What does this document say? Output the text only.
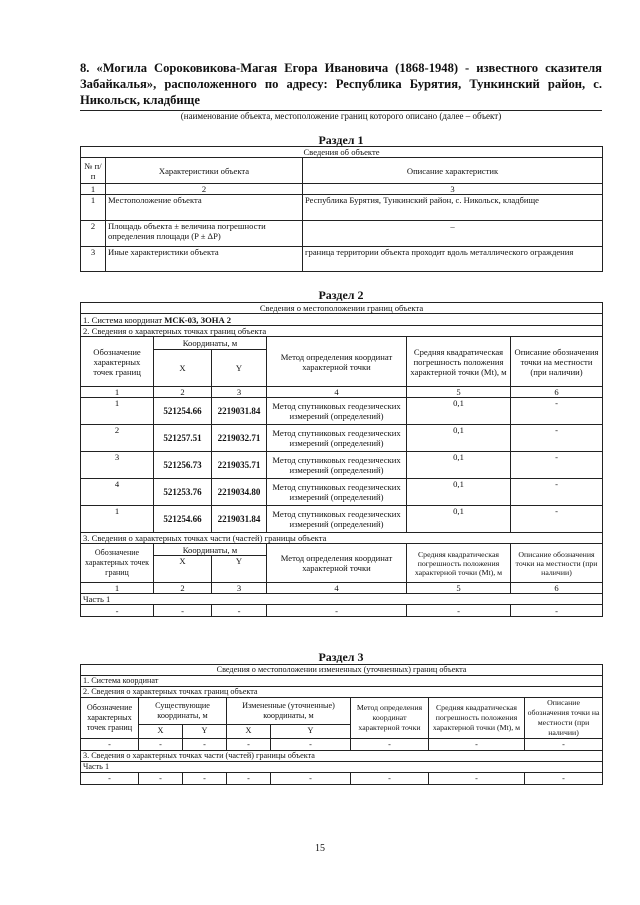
8. «Могила Сороковикова-Магая Егора Ивановича (1868-1948) - известного сказителя Забайкалья», расположенного по адресу: Республика Бурятия, Тункинский район, с. Никольск, кладбище
(наименование объекта, местоположение границ которого описано (далее – объект)
Раздел 1
Сведения об объекте		
№ п/п	Характеристики объекта	Описание характеристик
1	2	3
1	Местоположение объекта	Республика Бурятия, Тункинский район, с. Никольск, кладбище
2	Площадь объекта ± величина погрешности определения площади (P ± ΔP)	–
3	Иные характеристики объекта	граница территории объекта проходит вдоль металлического ограждения
Раздел 2
Сведения о местоположении границ объекта					
1. Система координат МСК-03, ЗОНА 2					
2. Сведения о характерных точках границ объекта					
Обозначение характерных точек границ	Координаты, м		Метод определения координат характерной точки	Средняя квадратическая погрешность положения характерной точки (Mt), м	Описание обозначения точки на местности (при наличии)
	X	Y			
1	2	3	4	5	6
1	521254.66	2219031.84	Метод спутниковых геодезических измерений (определений)	0,1	-
2	521257.51	2219032.71	Метод спутниковых геодезических измерений (определений)	0,1	-
3	521256.73	2219035.71	Метод спутниковых геодезических измерений (определений)	0,1	-
4	521253.76	2219034.80	Метод спутниковых геодезических измерений (определений)	0,1	-
1	521254.66	2219031.84	Метод спутниковых геодезических измерений (определений)	0,1	-
3. Сведения о характерных точках части (частей) границы объекта					
Обозначение характерных точек границ	Координаты, м		Метод определения координат характерной точки	Средняя квадратическая погрешность положения характерной точки (Mt), м	Описание обозначения точки на местности (при наличии)
	X	Y			
1	2	3	4	5	6
Часть 1					
-	-	-	-	-	-
Раздел 3
Сведения о местоположении измененных (уточненных) границ объекта							
1. Система координат							
2. Сведения о характерных точках границ объекта							
Обозначение характерных точек границ	Существующие координаты, м		Измененные (уточненные) координаты, м		Метод определения координат характерной точки	Средняя квадратическая погрешность положения характерной точки (Mt), м	Описание обозначения точки на местности (при наличии)
	X	Y	X	Y			
-	-	-	-	-	-	-	-
3. Сведения о характерных точках части (частей) границы объекта							
Часть 1							
-	-	-	-	-	-	-	-
15
